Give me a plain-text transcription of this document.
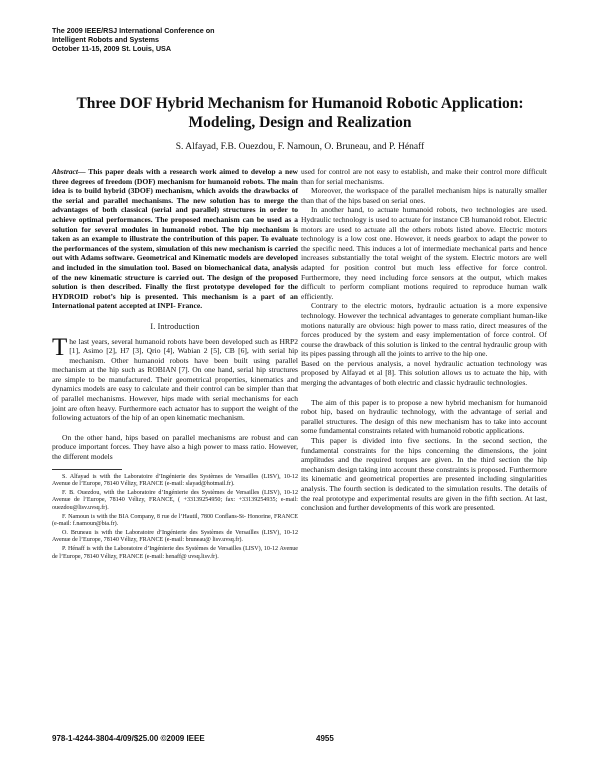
The 2009 IEEE/RSJ International Conference on
Intelligent Robots and Systems
October 11-15, 2009 St. Louis, USA
Three DOF Hybrid Mechanism for Humanoid Robotic Application:
Modeling, Design and Realization
S. Alfayad, F.B. Ouezdou, F. Namoun, O. Bruneau, and P. Hénaff

Abstract— This paper deals with a research work aimed to develop a new three degrees of freedom (DOF) mechanism for humanoid robots. The main idea is to build hybrid (3DOF) mechanism, which avoids the drawbacks of the serial and parallel mechanisms. The new solution has to merge the advantages of both classical (serial and parallel) structures in order to achieve optimal performances. The proposed mechanism can be used as a solution for several modules in humanoid robot. The hip mechanism is taken as an example to illustrate the contribution of this paper. To evaluate the performances of the system, simulation of this new mechanism is carried out with Adams software. Geometrical and Kinematic models are developed and included in the simulation tool. Based on biomechanical data, analysis of the new kinematic structure is carried out. The design of the proposed solution is then described. Finally the first prototype developed for the HYDROID robot’s hip is presented. This mechanism is a part of an International patent accepted at INPI- France.

I. Introduction

The last years, several humanoid robots have been developed such as HRP2 [1], Asimo [2], H7 [3], Qrio [4], Wabian 2 [5], CB [6], with serial hip mechanism. Other humanoid robots have been built using parallel mechanism at the hip such as ROBIAN [7]. On one hand, serial hip structures are simple to be manufactured. Their geometrical properties, kinematics and dynamics models are easy to calculate and their control can be simpler than that of parallel mechanisms. However, hips made with serial mechanisms for each joint are often heavy. Furthermore each actuator has to support the weight of the following actuators of the hip of an open kinematic mechanism.

On the other hand, hips based on parallel mechanisms are robust and can produce important forces. They have also a high power to mass ratio. However, the different models

S. Alfayad is with the Laboratoire d’Ingénierie des Systèmes de Versailles (LISV), 10-12 Avenue de l’Europe, 78140 Vélizy, FRANCE (e-mail: slayad@hotmail.fr).

F. B. Ouezdou, with the Laboratoire d’Ingénierie des Systèmes de Versailles (LISV), 10-12 Avenue de l’Europe, 78140 Vélizy, FRANCE, ( +33139254950; fax: +33139254935; e-mail: ouezdou@lisv.uvsq.fr).

F. Namoun is with the BIA Company, 8 rue de l’Hautil, 7800 Conflans-St- Honorine, FRANCE (e-mail: f.namoun@bia.fr).

O. Bruneau is with the Laboratoire d’Ingénierie des Systèmes de Versailles (LISV), 10-12 Avenue de l’Europe, 78140 Vélizy, FRANCE (e-mail: bruneau@ lisv.uvsq.fr).

P. Hénaff is with the Laboratoire d’Ingénierie des Systèmes de Versailles (LISV), 10-12 Avenue de l’Europe, 78140 Vélizy, FRANCE (e-mail: henaff@ uvsq.lisv.fr).

used for control are not easy to establish, and make their control more difficult than for serial mechanisms.

Moreover, the workspace of the parallel mechanism hips is naturally smaller than that of the hips based on serial ones.

In another hand, to actuate humanoid robots, two technologies are used. Hydraulic technology is used to actuate for instance CB humanoid robot. Electric motors are used to actuate all the others robots listed above. Electric motors technology is a low cost one. However, it needs gearbox to adapt the power to the specific need. This induces a lot of intermediate mechanical parts and hence increases substantially the total weight of the system. Electric motors are well adapted for position control but much less effective for force control. Furthermore, they need including force sensors at the output, which makes difficult to perform compliant motions required to reproduce human walk efficiently.

Contrary to the electric motors, hydraulic actuation is a more expensive technology. However the technical advantages to generate compliant human-like motions naturally are obvious: high power to mass ratio, direct measures of the forces produced by the system and easy implementation of force control. Of course the drawback of this solution is linked to the central hydraulic group with its pipes passing through all the joints to arrive to the hip one.

Based on the pervious analysis, a novel hydraulic actuation technology was proposed by Alfayad et al [8]. This solution allows us to actuate the hip, with merging the advantages of both electric and classic hydraulic technologies.

The aim of this paper is to propose a new hybrid mechanism for humanoid robot hip, based on hydraulic technology, with the advantage of serial and parallel structures. The design of this new mechanism has to take into account some fundamental constraints related with humanoid robotic applications.

This paper is divided into five sections. In the second section, the fundamental constraints for the hips concerning the dimensions, the joint amplitudes and the required torques are given. In the third section the hip mechanism design taking into account these constraints is proposed. Furthermore its kinematic and geometrical properties are presented including singularities analysis. The fourth section is dedicated to the simulation results. The details of the real prototype and experimental results are given in the fifth section. At last, conclusion and further developments of this work are presented.

978-1-4244-3804-4/09/$25.00 ©2009 IEEE	4955
